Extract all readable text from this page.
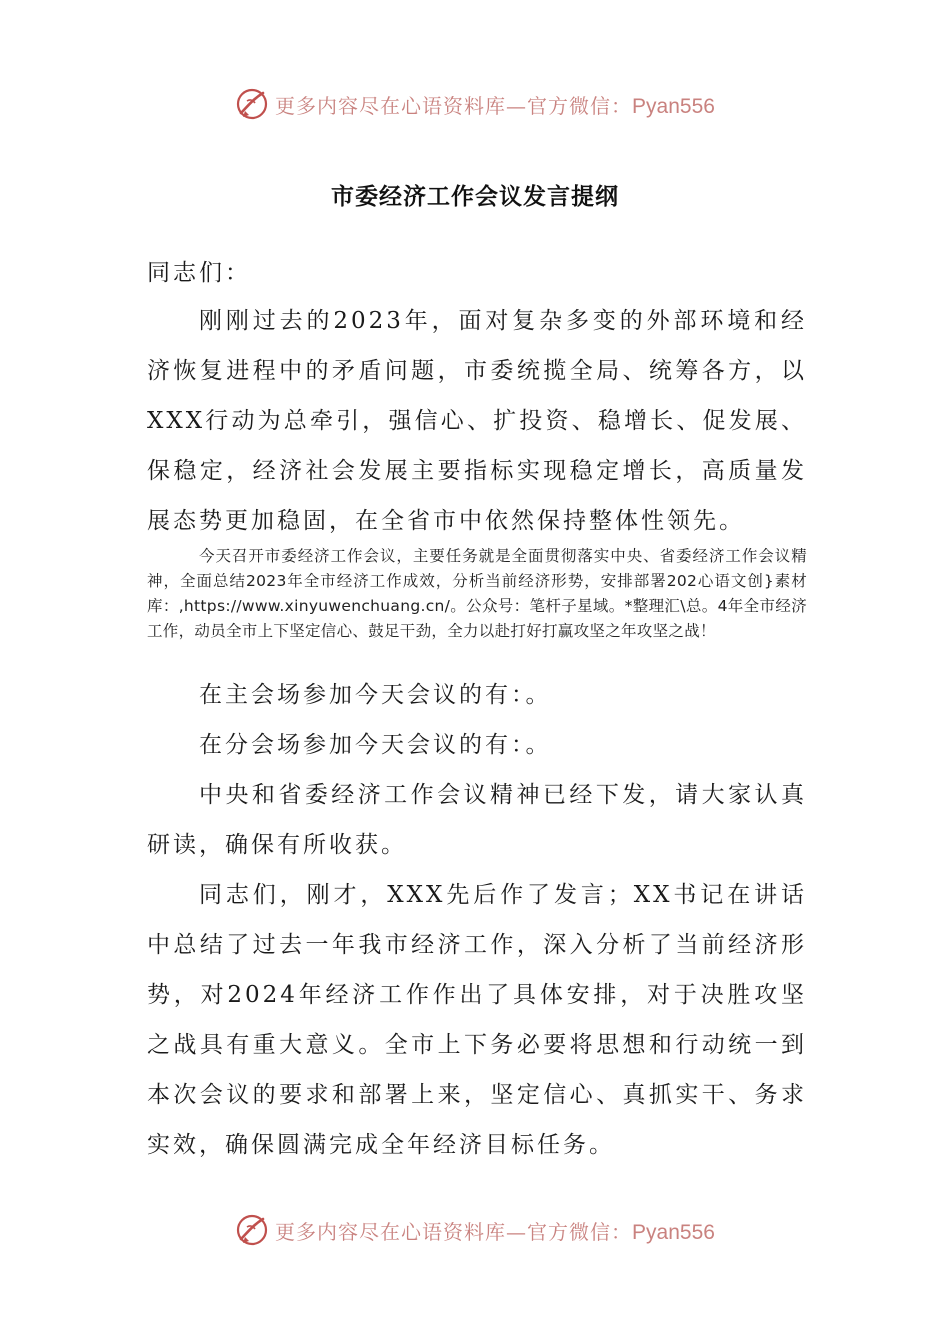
更多内容尽在心语资料库—官方微信：Pyan556
市委经济工作会议发言提纲

同志们：

刚刚过去的2023年，面对复杂多变的外部环境和经济恢复进程中的矛盾问题，市委统揽全局、统筹各方，以XXX行动为总牵引，强信心、扩投资、稳增长、促发展、保稳定，经济社会发展主要指标实现稳定增长，高质量发展态势更加稳固，在全省市中依然保持整体性领先。

今天召开市委经济工作会议，主要任务就是全面贯彻落实中央、省委经济工作会议精神，全面总结2023年全市经济工作成效，分析当前经济形势，安排部署202心语文创}素材库：,https://www.xinyuwenchuang.cn/。公众号：笔杆子星域。*整理汇\总。4年全市经济工作，动员全市上下坚定信心、鼓足干劲，全力以赴打好打赢攻坚之年攻坚之战！

在主会场参加今天会议的有：。

在分会场参加今天会议的有：。

中央和省委经济工作会议精神已经下发，请大家认真研读，确保有所收获。

同志们，刚才，XXX先后作了发言；XX书记在讲话中总结了过去一年我市经济工作，深入分析了当前经济形势，对2024年经济工作作出了具体安排，对于决胜攻坚之战具有重大意义。全市上下务必要将思想和行动统一到本次会议的要求和部署上来，坚定信心、真抓实干、务求实效，确保圆满完成全年经济目标任务。

更多内容尽在心语资料库—官方微信：Pyan556
